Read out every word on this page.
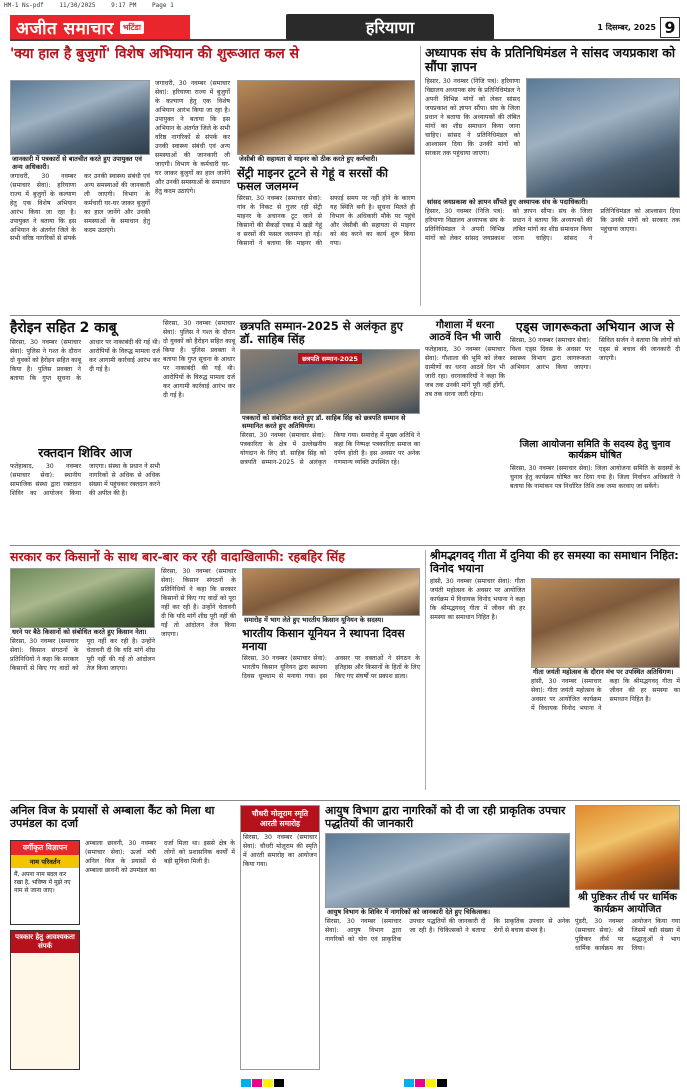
HM-1 Ns-pdf	11/30/2025	9:17 PM	Page 1
अजीत समाचार	भटिंडा	हरियाणा	1 दिसम्बर, 2025 9
'क्या हाल है बुजुर्गो' विशेष अभियान की शुरूआत कल से
जानकारी में पत्रकारों से बातचीत करते हुए उपायुक्त एवं अन्य अधिकारी।
जगाधरी, 30 नवम्बर (समाचार सेवा): हरियाणा राज्य में बुजुर्गो के कल्याण हेतु एक विशेष अभियान आरंभ किया जा रहा है। उपायुक्त ने बताया कि इस अभियान के अंतर्गत जिले के सभी वरिष्ठ नागरिकों से संपर्क कर उनकी स्वास्थ्य संबंधी एवं अन्य समस्याओं की जानकारी ली जाएगी। विभाग के कर्मचारी घर-घर जाकर बुजुर्गो का हाल जानेंगे और उनकी समस्याओं के समाधान हेतु कदम उठाएंगे।
जगाधरी, 30 नवम्बर (समाचार सेवा): हरियाणा राज्य में बुजुर्गो के कल्याण हेतु एक विशेष अभियान आरंभ किया जा रहा है। उपायुक्त ने बताया कि इस अभियान के अंतर्गत जिले के सभी वरिष्ठ नागरिकों से संपर्क कर उनकी स्वास्थ्य संबंधी एवं अन्य समस्याओं की जानकारी ली जाएगी। विभाग के कर्मचारी घर-घर जाकर बुजुर्गो का हाल जानेंगे और उनकी समस्याओं के समाधान हेतु कदम उठाएंगे।
जेसीबी की सहायता से माइनर को ठीक करते हुए कर्मचारी।
सेंट्री माइनर टूटने से गेहूं व सरसों की फसल जलमग्न
सिरसा, 30 नवम्बर (समाचार सेवा): गांव के निकट से गुजर रही सेंट्री माइनर के अचानक टूट जाने से किसानों की सैकड़ों एकड़ में खड़ी गेहूं व सरसों की फसल जलमग्न हो गई। किसानों ने बताया कि माइनर की सफाई समय पर नहीं होने के कारण यह स्थिति बनी है। सूचना मिलते ही विभाग के अधिकारी मौके पर पहुंचे और जेसीबी की सहायता से माइनर को बंद करने का कार्य शुरू किया गया।
अध्यापक संघ के प्रतिनिधिमंडल ने सांसद जयप्रकाश को सौंपा ज्ञापन
हिसार, 30 नवम्बर (निजि पत्र): हरियाणा विद्यालय अध्यापक संघ के प्रतिनिधिमंडल ने अपनी विभिन्न मांगों को लेकर सांसद जयप्रकाश को ज्ञापन सौंपा। संघ के जिला प्रधान ने बताया कि अध्यापकों की लंबित मांगों का शीघ्र समाधान किया जाना चाहिए। सांसद ने प्रतिनिधिमंडल को आश्वासन दिया कि उनकी मांगों को सरकार तक पहुंचाया जाएगा।
सांसद जयप्रकाश को ज्ञापन सौंपते हुए अध्यापक संघ के पदाधिकारी।
हिसार, 30 नवम्बर (निजि पत्र): हरियाणा विद्यालय अध्यापक संघ के प्रतिनिधिमंडल ने अपनी विभिन्न मांगों को लेकर सांसद जयप्रकाश को ज्ञापन सौंपा। संघ के जिला प्रधान ने बताया कि अध्यापकों की लंबित मांगों का शीघ्र समाधान किया जाना चाहिए। सांसद ने प्रतिनिधिमंडल को आश्वासन दिया कि उनकी मांगों को सरकार तक पहुंचाया जाएगा।
हैरोइन सहित 2 काबू
सिरसा, 30 नवम्बर (समाचार सेवा): पुलिस ने गश्त के दौरान दो युवकों को हैरोइन सहित काबू किया है। पुलिस प्रवक्ता ने बताया कि गुप्त सूचना के आधार पर नाकाबंदी की गई थी। आरोपियों के विरुद्ध मामला दर्ज कर आगामी कार्रवाई आरंभ कर दी गई है।
रक्तदान शिविर आज
फतेहाबाद, 30 नवम्बर (समाचार सेवा): स्थानीय सामाजिक संस्था द्वारा रक्तदान शिविर का आयोजन किया जाएगा। संस्था के प्रधान ने सभी नागरिकों से अधिक से अधिक संख्या में पहुंचकर रक्तदान करने की अपील की है।
सिरसा, 30 नवम्बर (समाचार सेवा): पुलिस ने गश्त के दौरान दो युवकों को हैरोइन सहित काबू किया है। पुलिस प्रवक्ता ने बताया कि गुप्त सूचना के आधार पर नाकाबंदी की गई थी। आरोपियों के विरुद्ध मामला दर्ज कर आगामी कार्रवाई आरंभ कर दी गई है।
छत्रपति सम्मान-2025 से अलंकृत हुए डॉ. साहिब सिंह
छत्रपति सम्मान-2025
पत्रकारों को संबोधित करते हुए डॉ. साहिब सिंह को छत्रपति सम्मान से सम्मानित करते हुए अतिथिगण।
सिरसा, 30 नवम्बर (समाचार सेवा): पत्रकारिता के क्षेत्र में उल्लेखनीय योगदान के लिए डॉ. साहिब सिंह को छत्रपति सम्मान-2025 से अलंकृत किया गया। समारोह में मुख्य अतिथि ने कहा कि निष्पक्ष पत्रकारिता समाज का दर्पण होती है। इस अवसर पर अनेक गणमान्य व्यक्ति उपस्थित रहे।
गौशाला में धरना आठवें दिन भी जारी
फतेहाबाद, 30 नवम्बर (समाचार सेवा): गौशाला की भूमि को लेकर ग्रामीणों का धरना आठवें दिन भी जारी रहा। धरनाकारियों ने कहा कि जब तक उनकी मांगें पूरी नहीं होंगी, तब तक धरना जारी रहेगा।
एड्स जागरूकता अभियान आज से
सिरसा, 30 नवम्बर (समाचार सेवा): विश्व एड्स दिवस के अवसर पर स्वास्थ्य विभाग द्वारा जागरूकता अभियान आरंभ किया जाएगा। सिविल सर्जन ने बताया कि लोगों को एड्स से बचाव की जानकारी दी जाएगी।
जिला आयोजना समिति के सदस्य हेतु चुनाव कार्यक्रम घोषित
सिरसा, 30 नवम्बर (समाचार सेवा): जिला आयोजना समिति के सदस्यों के चुनाव हेतु कार्यक्रम घोषित कर दिया गया है। जिला निर्वाचन अधिकारी ने बताया कि नामांकन पत्र निर्धारित तिथि तक जमा करवाए जा सकेंगे।
सरकार कर किसानों के साथ बार-बार कर रही वादाखिलाफी: रहबहिर सिंह
धरने पर बैठे किसानों को संबोधित करते हुए किसान नेता।
सिरसा, 30 नवम्बर (समाचार सेवा): किसान संगठनों के प्रतिनिधियों ने कहा कि सरकार किसानों से किए गए वादों को पूरा नहीं कर रही है। उन्होंने चेतावनी दी कि यदि मांगें शीघ्र पूरी नहीं की गईं तो आंदोलन तेज किया जाएगा।
सिरसा, 30 नवम्बर (समाचार सेवा): किसान संगठनों के प्रतिनिधियों ने कहा कि सरकार किसानों से किए गए वादों को पूरा नहीं कर रही है। उन्होंने चेतावनी दी कि यदि मांगें शीघ्र पूरी नहीं की गईं तो आंदोलन तेज किया जाएगा।
समारोह में भाग लेते हुए भारतीय किसान यूनियन के सदस्य।
भारतीय किसान यूनियन ने स्थापना दिवस मनाया
सिरसा, 30 नवम्बर (समाचार सेवा): भारतीय किसान यूनियन द्वारा स्थापना दिवस धूमधाम से मनाया गया। इस अवसर पर वक्ताओं ने संगठन के इतिहास और किसानों के हितों के लिए किए गए संघर्षों पर प्रकाश डाला।
श्रीमद्भगवद् गीता में दुनिया की हर समस्या का समाधान निहित: विनोद भयाना
हांसी, 30 नवम्बर (समाचार सेवा): गीता जयंती महोत्सव के अवसर पर आयोजित कार्यक्रम में विधायक विनोद भयाना ने कहा कि श्रीमद्भगवद् गीता में जीवन की हर समस्या का समाधान निहित है।
गीता जयंती महोत्सव के दौरान मंच पर उपस्थित अतिथिगण।
हांसी, 30 नवम्बर (समाचार सेवा): गीता जयंती महोत्सव के अवसर पर आयोजित कार्यक्रम में विधायक विनोद भयाना ने कहा कि श्रीमद्भगवद् गीता में जीवन की हर समस्या का समाधान निहित है।
अनिल विज के प्रयासों से अम्बाला कैंट को मिला था उपमंडल का दर्जा
अम्बाला छावनी, 30 नवम्बर (समाचार सेवा): ऊर्जा मंत्री अनिल विज के प्रयासों से अम्बाला छावनी को उपमंडल का दर्जा मिला था। इससे क्षेत्र के लोगों को प्रशासनिक कार्यों में बड़ी सुविधा मिली है।
वर्गीकृत विज्ञापन
नाम परिवर्तन
मैं, अपना नाम बदल कर रखा है, भविष्य में मुझे नए नाम से जाना जाए।
पत्रकार हेतु आवश्यकता संपर्क
चौधरी मोलूराम स्मृति आरती समारोह
सिरसा, 30 नवम्बर (समाचार सेवा): चौधरी मोलूराम की स्मृति में आरती समारोह का आयोजन किया गया।
आयुष विभाग द्वारा नागरिकों को दी जा रही प्राकृतिक उपचार पद्धतियों की जानकारी
आयुष विभाग के शिविर में नागरिकों को जानकारी देते हुए चिकित्सक।
सिरसा, 30 नवम्बर (समाचार सेवा): आयुष विभाग द्वारा नागरिकों को योग एवं प्राकृतिक उपचार पद्धतियों की जानकारी दी जा रही है। चिकित्सकों ने बताया कि प्राकृतिक उपचार से अनेक रोगों से बचाव संभव है।
श्री पुष्टिकर तीर्थ पर धार्मिक कार्यक्रम आयोजित
पुंडरी, 30 नवम्बर (समाचार सेवा): श्री पुष्टिकर तीर्थ पर धार्मिक कार्यक्रम का आयोजन किया गया जिसमें बड़ी संख्या में श्रद्धालुओं ने भाग लिया।
